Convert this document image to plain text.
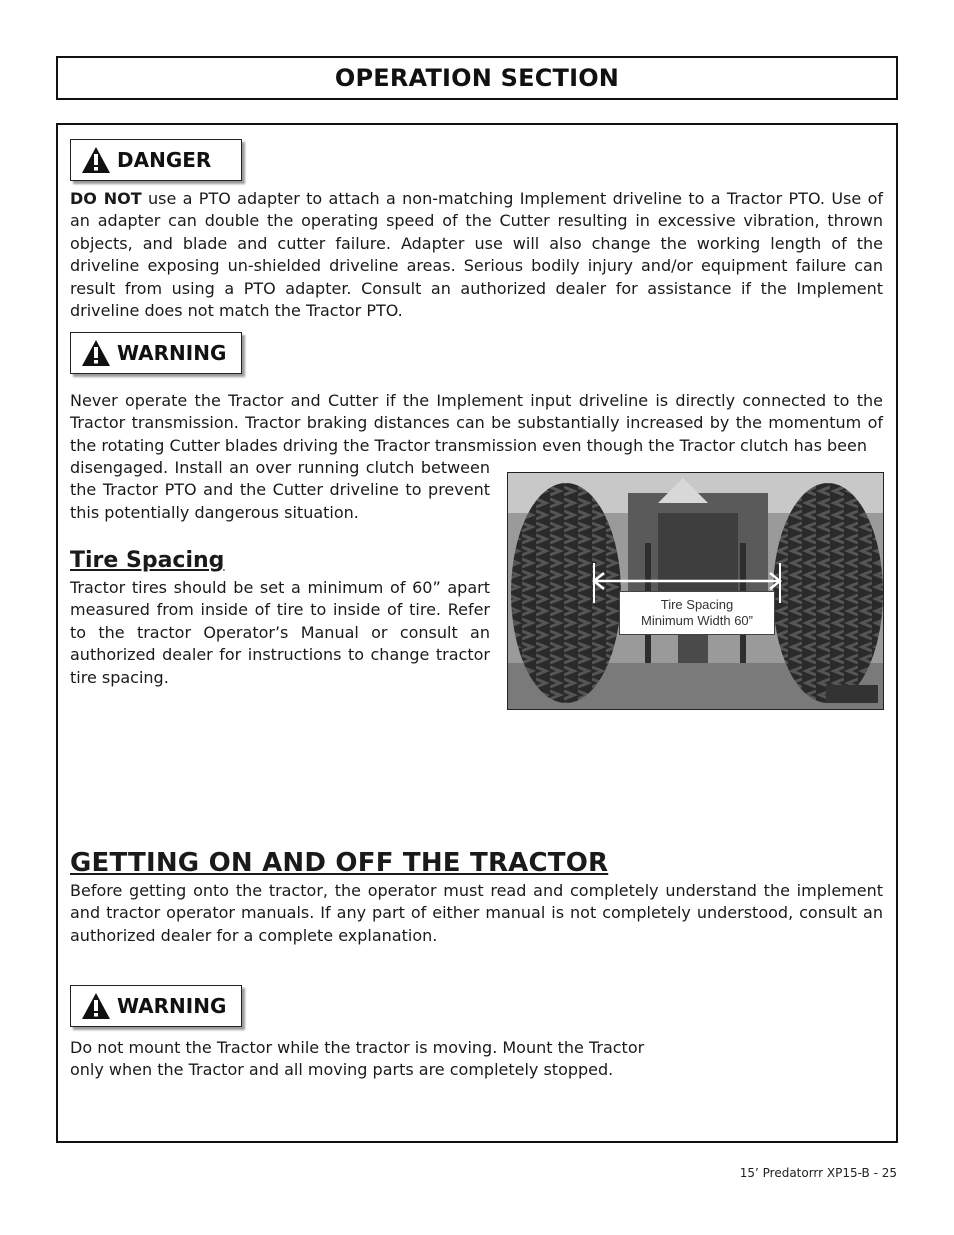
OPERATION SECTION
DANGER

DO NOT use a PTO adapter to attach a non-matching Implement driveline to a Tractor PTO. Use of an adapter can double the operating speed of the Cutter resulting in excessive vibration, thrown objects, and blade and cutter failure. Adapter use will also change the working length of the driveline exposing un-shielded driveline areas. Serious bodily injury and/or equipment failure can result from using a PTO adapter. Consult an authorized dealer for assistance if the Implement driveline does not match the Tractor PTO.

WARNING

Never operate the Tractor and Cutter if the Implement input driveline is directly connected to the Tractor transmission. Tractor braking distances can be substantially increased by the momentum of the rotating Cutter blades driving the Tractor transmission even though the Tractor clutch has been

disengaged. Install an over running clutch between the Tractor PTO and the Cutter driveline to prevent this potentially dangerous situation.

Tire Spacing

Tractor tires should be set a minimum of 60” apart measured from inside of tire to inside of tire. Refer to the tractor Operator’s Manual or consult an authorized dealer for instructions to change tractor tire spacing.

Tire Spacing
Minimum Width 60”
GETTING ON AND OFF THE TRACTOR

Before getting onto the tractor, the operator must read and completely understand the implement and tractor operator manuals. If any part of either manual is not completely understood, consult an authorized dealer for a complete explanation.

WARNING

Do not mount the Tractor while the tractor is moving. Mount the Tractor
only when the Tractor and all moving parts are completely stopped.

15’ Predatorrr XP15-B - 25
